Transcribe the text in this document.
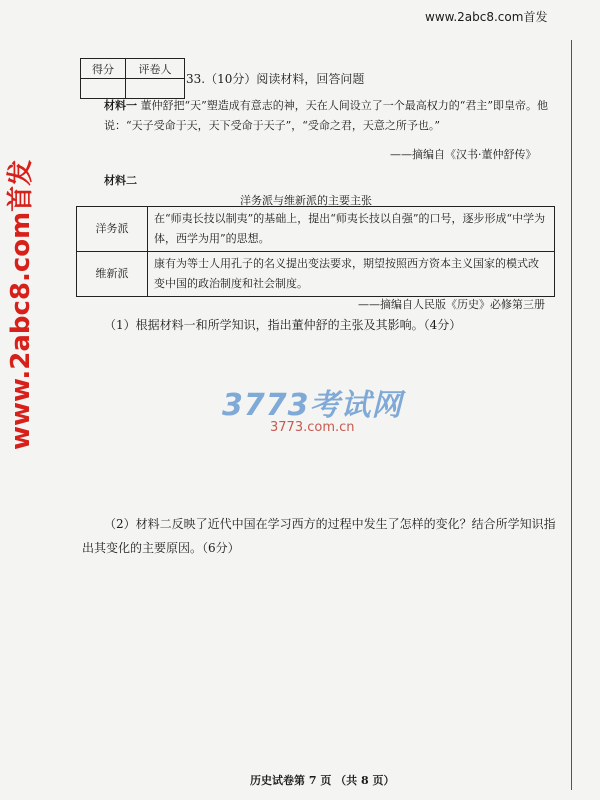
www.2abc8.com首发
www.2abc8.com首发
得分	评卷人

33.（10分）阅读材料，回答问题
材料一 董仲舒把“天”塑造成有意志的神，天在人间设立了一个最高权力的“君主”即皇帝。他说：“天子受命于天，天下受命于天子”，“受命之君，天意之所予也。”
——摘编自《汉书·董仲舒传》
材料二
洋务派与维新派的主要主张
洋务派	在“师夷长技以制夷”的基础上，提出“师夷长技以自强”的口号，逐步形成“中学为体，西学为用”的思想。
维新派	康有为等士人用孔子的名义提出变法要求，期望按照西方资本主义国家的模式改变中国的政治制度和社会制度。
——摘编自人民版《历史》必修第三册
（1）根据材料一和所学知识，指出董仲舒的主张及其影响。（4分）
3773考试网
3773.com.cn
（2）材料二反映了近代中国在学习西方的过程中发生了怎样的变化？结合所学知识指
出其变化的主要原因。（6分）
历史试卷第 7 页 （共 8 页）
